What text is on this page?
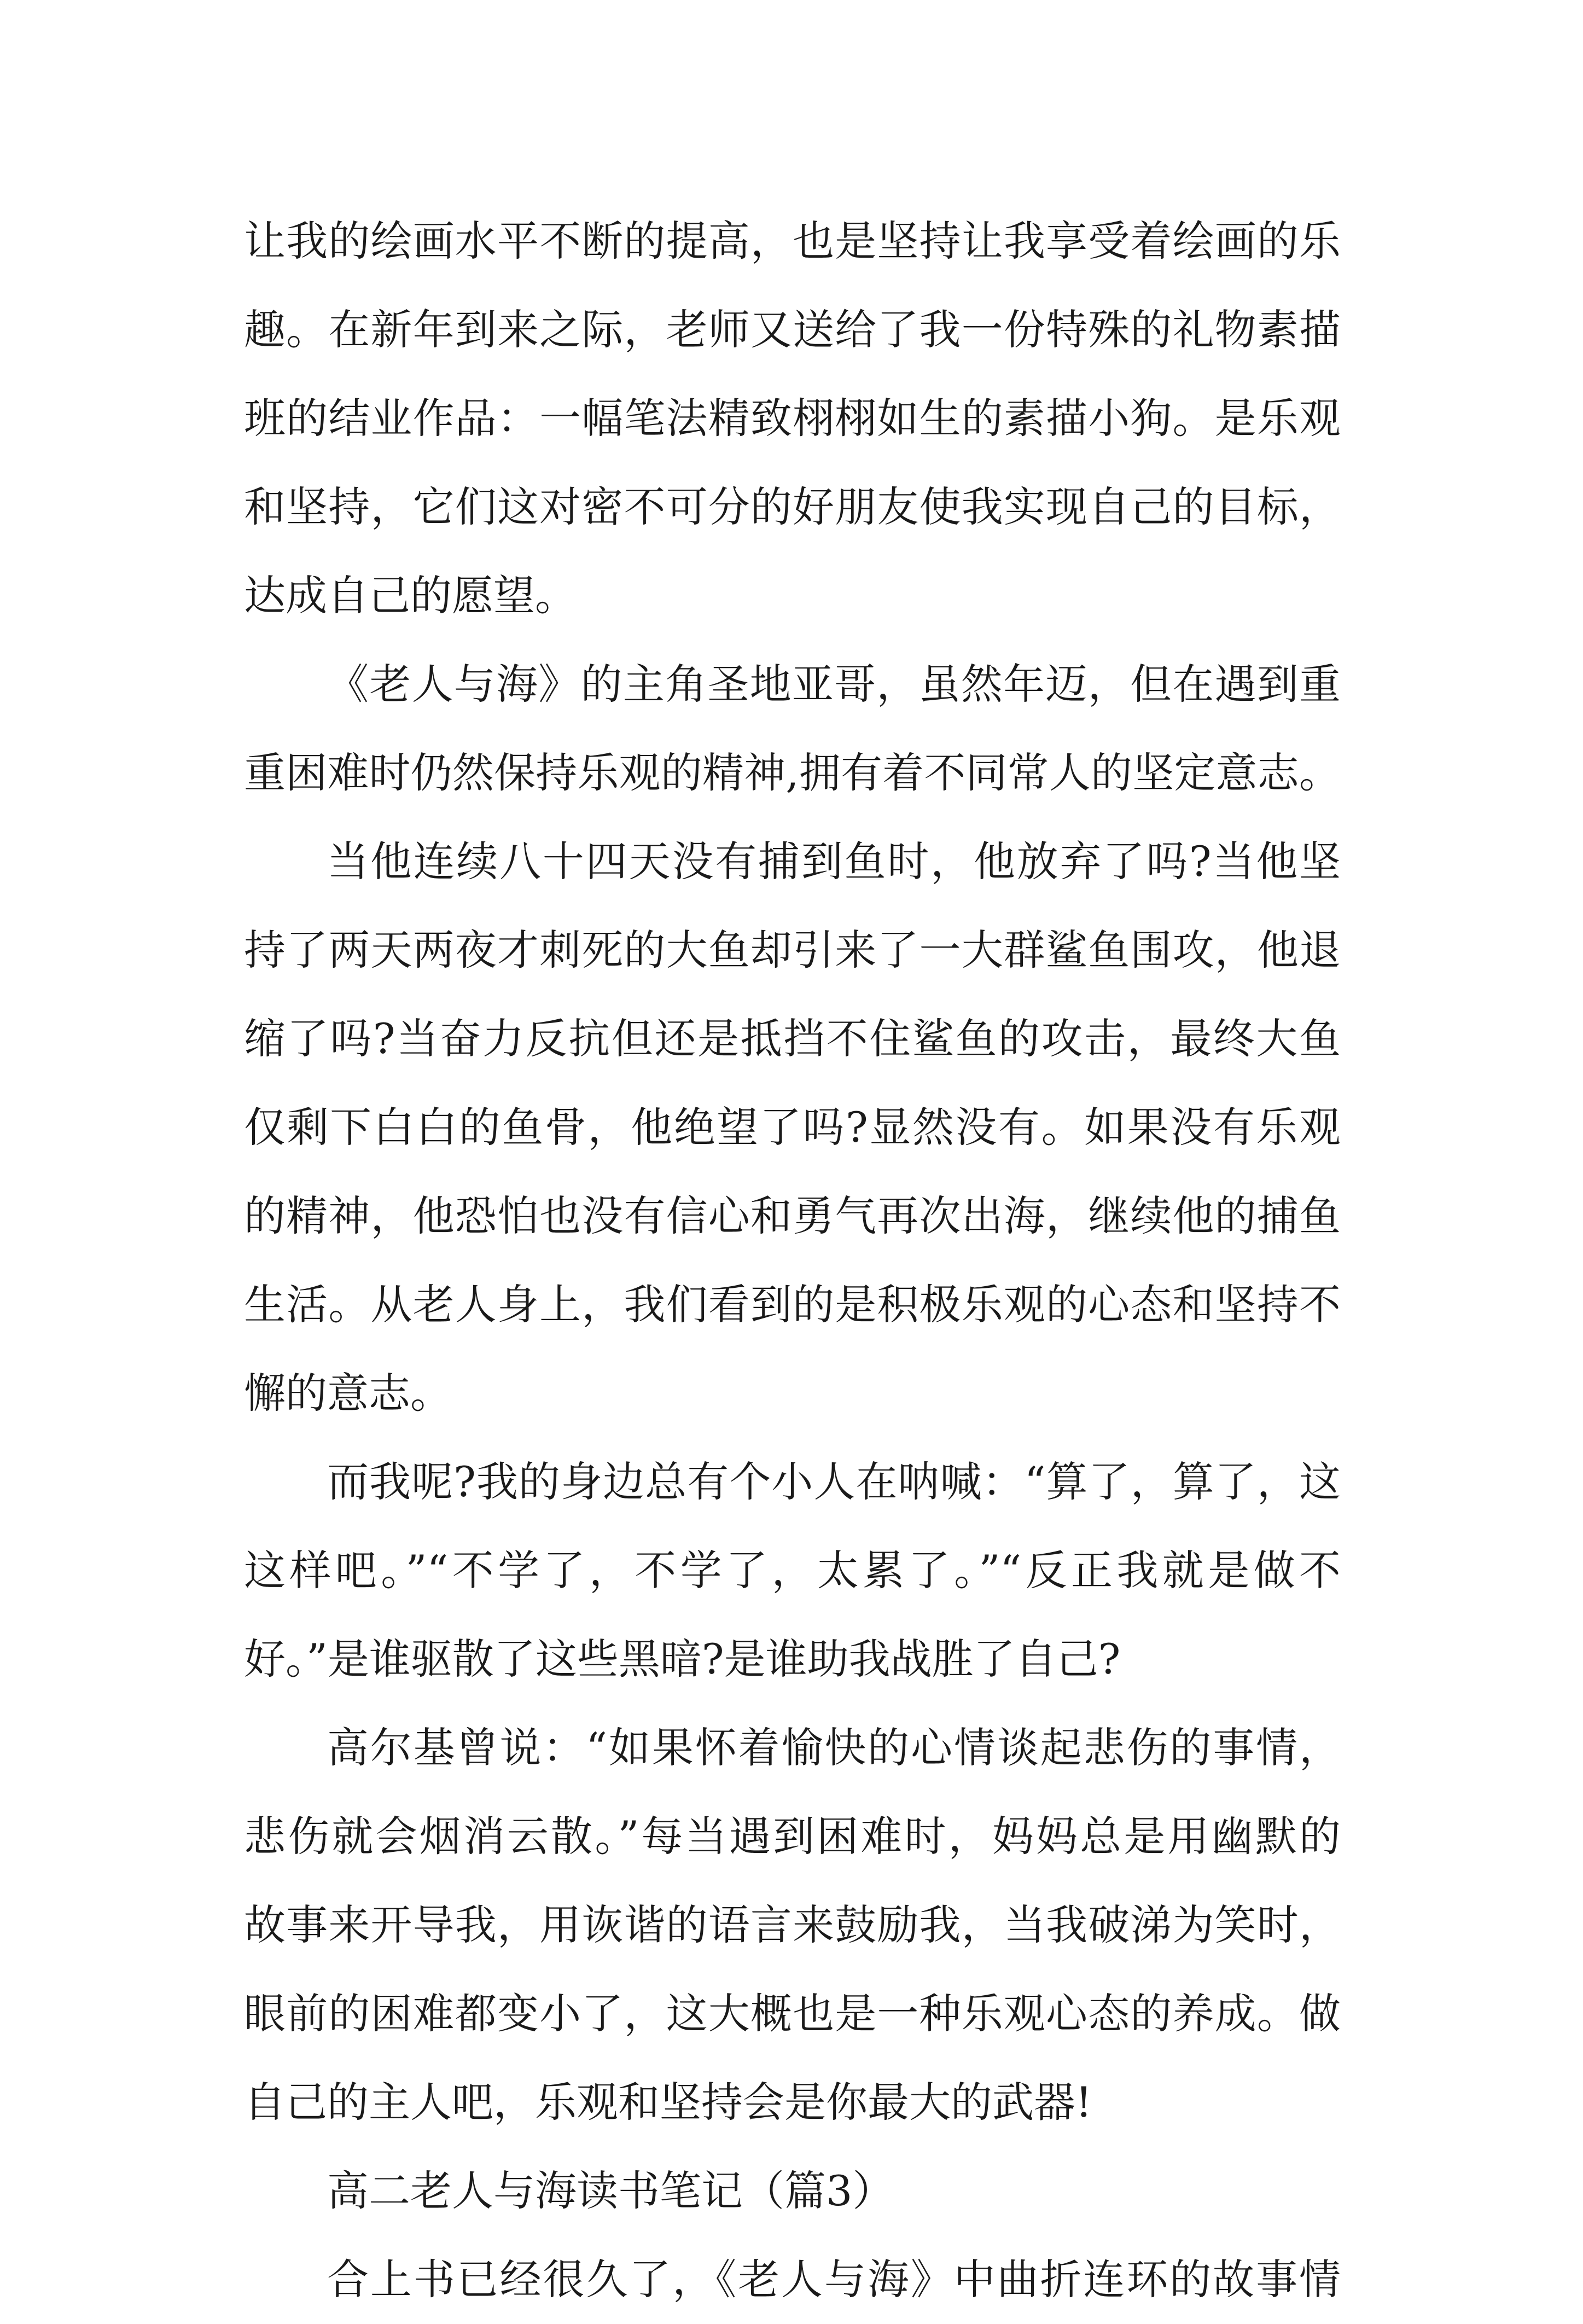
让我的绘画水平不断的提高，也是坚持让我享受着绘画的乐
趣。在新年到来之际，老师又送给了我一份特殊的礼物素描
班的结业作品：一幅笔法精致栩栩如生的素描小狗。是乐观
和坚持，它们这对密不可分的好朋友使我实现自己的目标，
达成自己的愿望。
《老人与海》的主角圣地亚哥，虽然年迈，但在遇到重
重困难时仍然保持乐观的精神,拥有着不同常人的坚定意志。
当他连续八十四天没有捕到鱼时，他放弃了吗?当他坚
持了两天两夜才刺死的大鱼却引来了一大群鲨鱼围攻，他退
缩了吗?当奋力反抗但还是抵挡不住鲨鱼的攻击，最终大鱼
仅剩下白白的鱼骨，他绝望了吗?显然没有。如果没有乐观
的精神，他恐怕也没有信心和勇气再次出海，继续他的捕鱼
生活。从老人身上，我们看到的是积极乐观的心态和坚持不
懈的意志。
而我呢?我的身边总有个小人在呐喊：“算了，算了，这
这样吧。”“不学了，不学了，太累了。”“反正我就是做不
好。”是谁驱散了这些黑暗?是谁助我战胜了自己?
高尔基曾说：“如果怀着愉快的心情谈起悲伤的事情，
悲伤就会烟消云散。”每当遇到困难时，妈妈总是用幽默的
故事来开导我，用诙谐的语言来鼓励我，当我破涕为笑时，
眼前的困难都变小了，这大概也是一种乐观心态的养成。做
自己的主人吧，乐观和坚持会是你最大的武器!
高二老人与海读书笔记（篇3）
合上书已经很久了，《老人与海》中曲折连环的故事情
